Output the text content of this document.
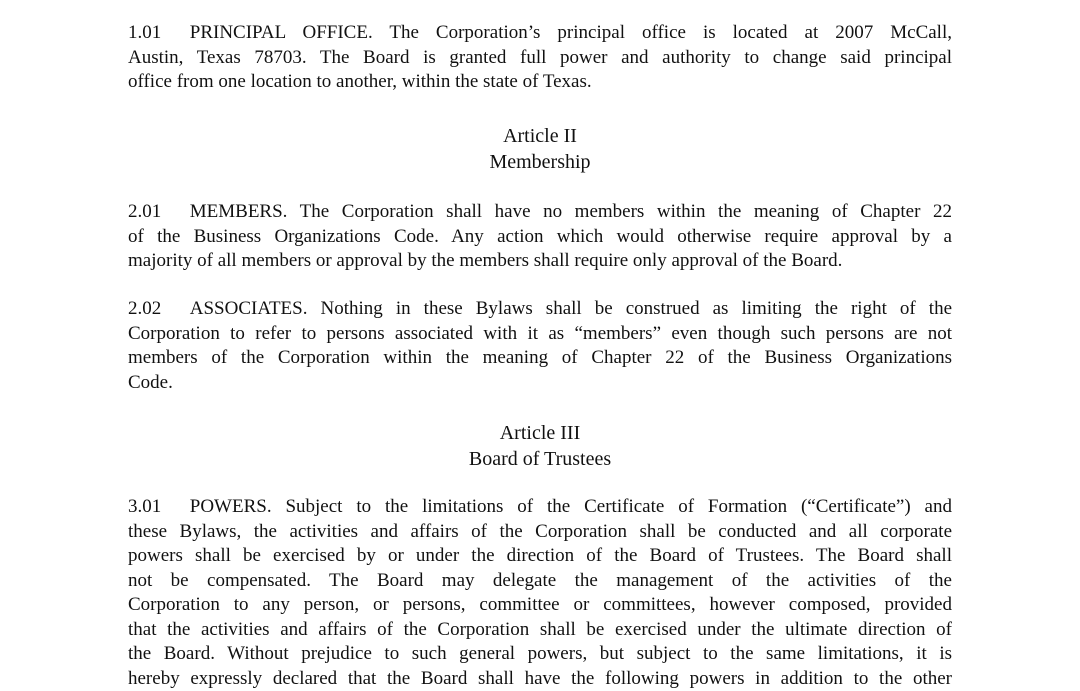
1.01  PRINCIPAL OFFICE. The Corporation’s principal office is located at 2007 McCall,
Austin, Texas 78703. The Board is granted full power and authority to change said principal
office from one location to another, within the state of Texas.
Article II
Membership
2.01  MEMBERS. The Corporation shall have no members within the meaning of Chapter 22
of the Business Organizations Code. Any action which would otherwise require approval by a
majority of all members or approval by the members shall require only approval of the Board.
2.02  ASSOCIATES. Nothing in these Bylaws shall be construed as limiting the right of the
Corporation to refer to persons associated with it as “members” even though such persons are not
members of the Corporation within the meaning of Chapter 22 of the Business Organizations
Code.
Article III
Board of Trustees
3.01  POWERS. Subject to the limitations of the Certificate of Formation (“Certificate”) and
these Bylaws, the activities and affairs of the Corporation shall be conducted and all corporate
powers shall be exercised by or under the direction of the Board of Trustees. The Board shall
not be compensated. The Board may delegate the management of the activities of the
Corporation to any person, or persons, committee or committees, however composed, provided
that the activities and affairs of the Corporation shall be exercised under the ultimate direction of
the Board. Without prejudice to such general powers, but subject to the same limitations, it is
hereby expressly declared that the Board shall have the following powers in addition to the other
